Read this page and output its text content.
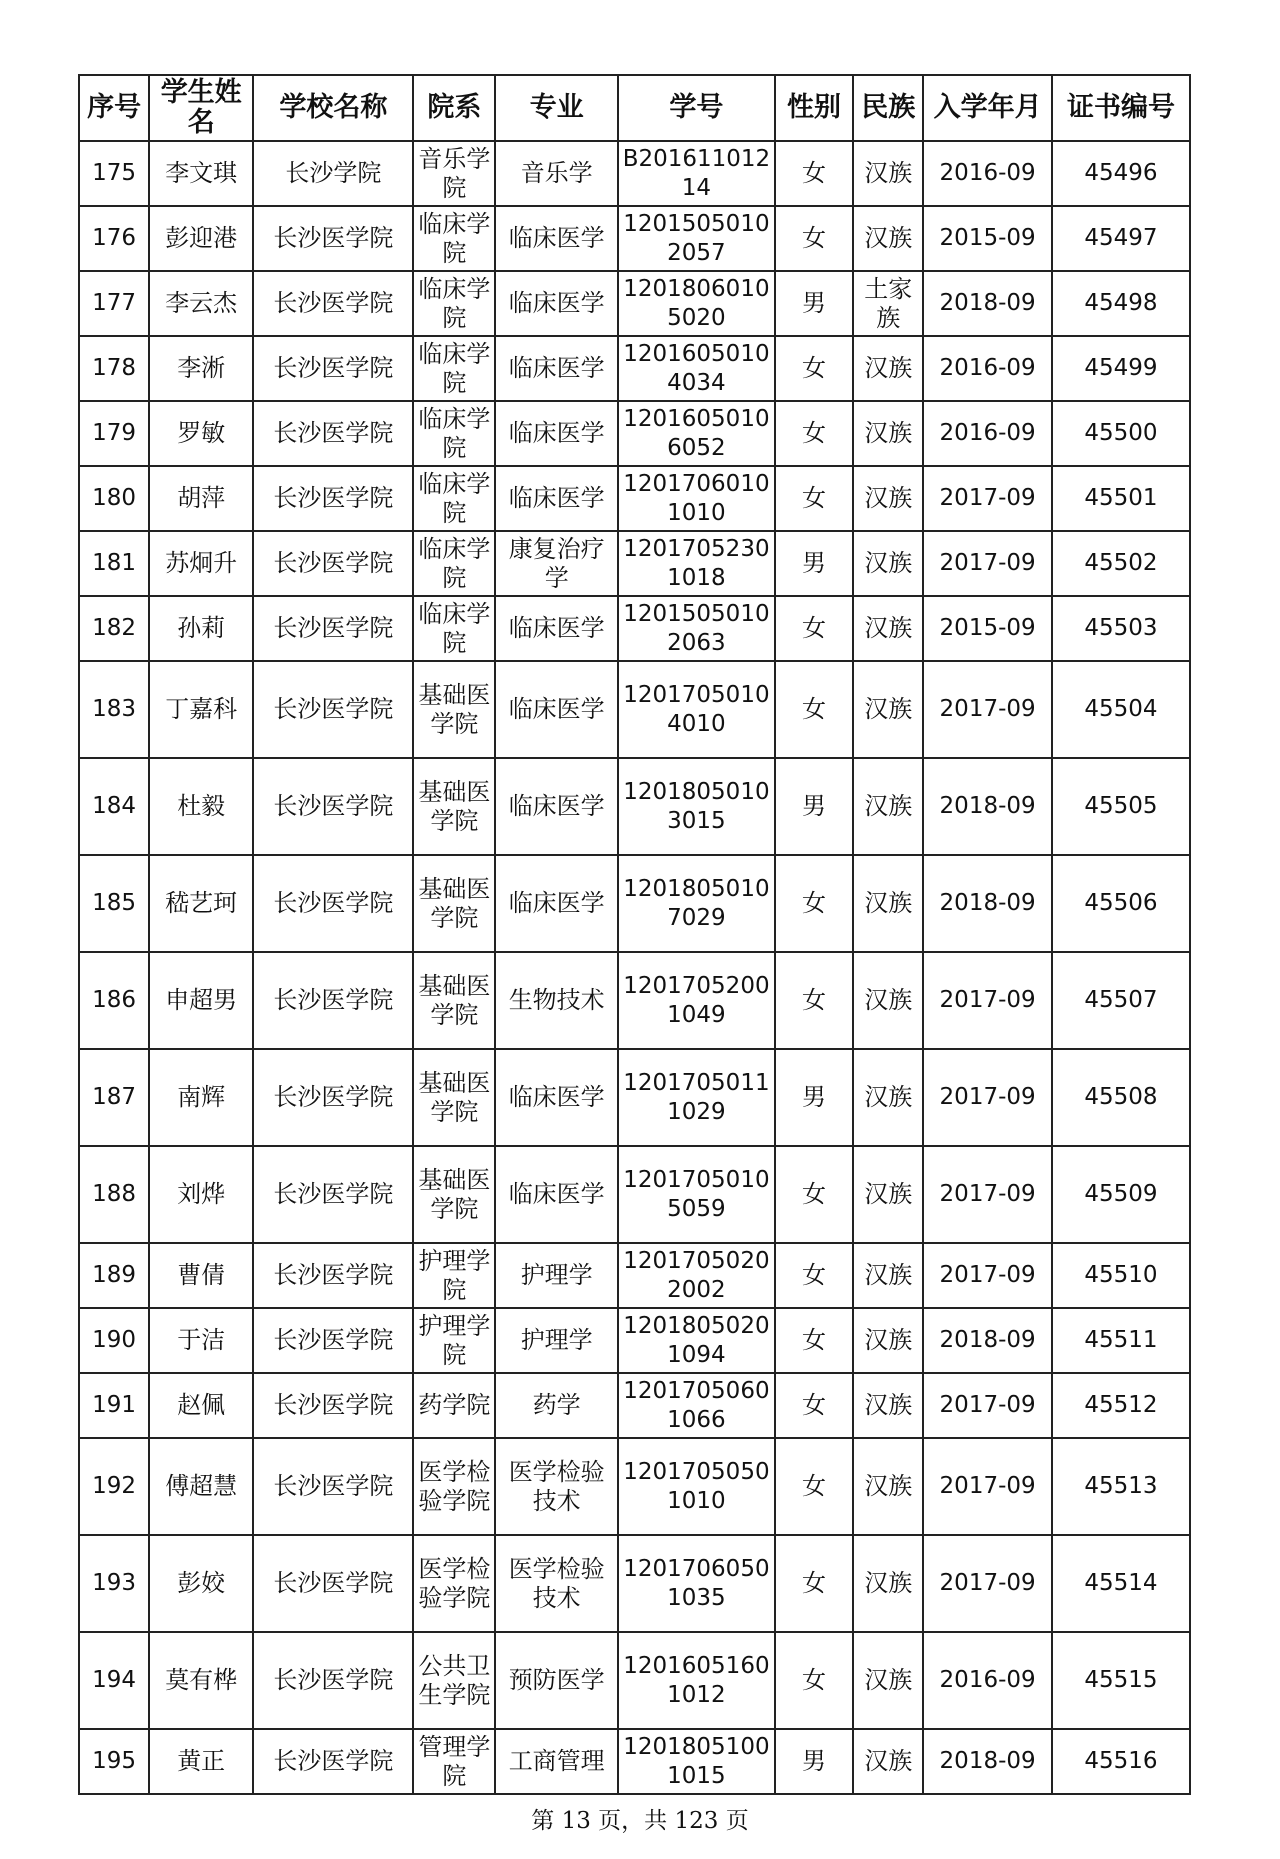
序号	学生姓名	学校名称	院系	专业	学号	性别	民族	入学年月	证书编号
175	李文琪	长沙学院	音乐学院	音乐学	B20161101214	女	汉族	2016-09	45496
176	彭迎港	长沙医学院	临床学院	临床医学	12015050102057	女	汉族	2015-09	45497
177	李云杰	长沙医学院	临床学院	临床医学	12018060105020	男	土家族	2018-09	45498
178	李淅	长沙医学院	临床学院	临床医学	12016050104034	女	汉族	2016-09	45499
179	罗敏	长沙医学院	临床学院	临床医学	12016050106052	女	汉族	2016-09	45500
180	胡萍	长沙医学院	临床学院	临床医学	12017060101010	女	汉族	2017-09	45501
181	苏炯升	长沙医学院	临床学院	康复治疗学	12017052301018	男	汉族	2017-09	45502
182	孙莉	长沙医学院	临床学院	临床医学	12015050102063	女	汉族	2015-09	45503
183	丁嘉科	长沙医学院	基础医学院	临床医学	12017050104010	女	汉族	2017-09	45504
184	杜毅	长沙医学院	基础医学院	临床医学	12018050103015	男	汉族	2018-09	45505
185	嵇艺珂	长沙医学院	基础医学院	临床医学	12018050107029	女	汉族	2018-09	45506
186	申超男	长沙医学院	基础医学院	生物技术	12017052001049	女	汉族	2017-09	45507
187	南辉	长沙医学院	基础医学院	临床医学	12017050111029	男	汉族	2017-09	45508
188	刘烨	长沙医学院	基础医学院	临床医学	12017050105059	女	汉族	2017-09	45509
189	曹倩	长沙医学院	护理学院	护理学	12017050202002	女	汉族	2017-09	45510
190	于洁	长沙医学院	护理学院	护理学	12018050201094	女	汉族	2018-09	45511
191	赵佩	长沙医学院	药学院	药学	12017050601066	女	汉族	2017-09	45512
192	傅超慧	长沙医学院	医学检验学院	医学检验技术	12017050501010	女	汉族	2017-09	45513
193	彭姣	长沙医学院	医学检验学院	医学检验技术	12017060501035	女	汉族	2017-09	45514
194	莫有桦	长沙医学院	公共卫生学院	预防医学	12016051601012	女	汉族	2016-09	45515
195	黄正	长沙医学院	管理学院	工商管理	12018051001015	男	汉族	2018-09	45516
第 13 页，共 123 页
